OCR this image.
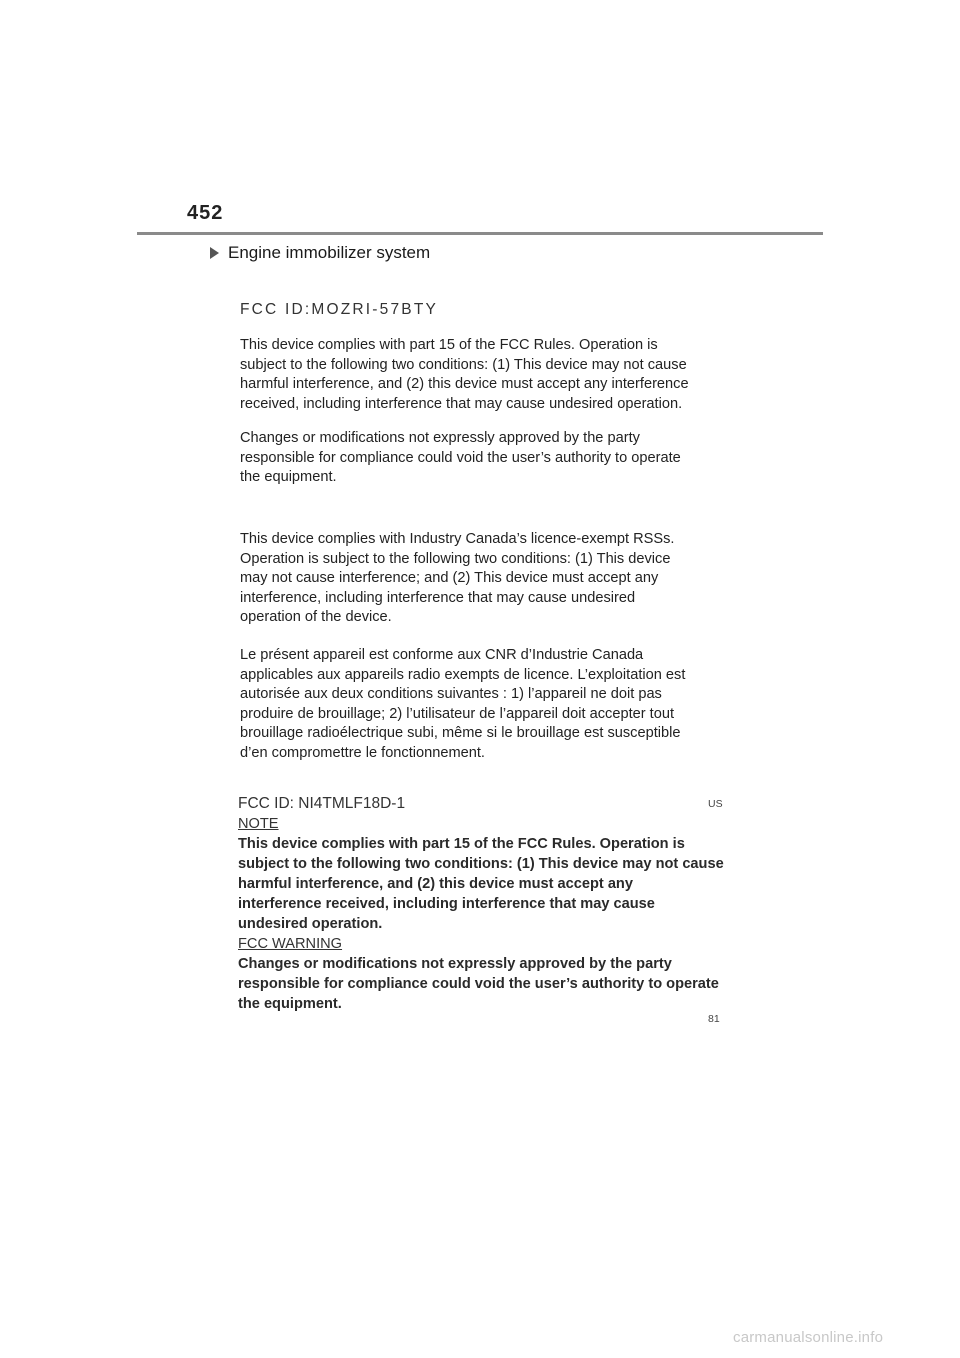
452
Engine immobilizer system
FCC ID:MOZRI-57BTY

This device complies with part 15 of the FCC Rules. Operation is

subject to the following two conditions: (1) This device may not cause

harmful interference, and (2) this device must accept any interference

received, including interference that may cause undesired operation.

Changes or modifications not expressly approved by the party

responsible for compliance could void the user’s authority to operate

the equipment.

This device complies with Industry Canada’s licence-exempt RSSs.

Operation is subject to the following two conditions: (1) This device

may not cause interference; and (2) This device must accept any

interference, including interference that may cause undesired

operation of the device.

Le présent appareil est conforme aux CNR d’Industrie Canada

applicables aux appareils radio exempts de licence. L’exploitation est

autorisée aux deux conditions suivantes : 1) l’appareil ne doit pas

produire de brouillage; 2) l’utilisateur de l’appareil doit accepter tout

brouillage radioélectrique subi, même si le brouillage est susceptible

d’en compromettre le fonctionnement.

FCC ID: NI4TMLF18D-1
NOTE
This device complies with part 15 of the FCC Rules. Operation is
subject to the following two conditions: (1) This device may not cause
harmful interference, and (2) this device must accept any
interference received, including interference that may cause
undesired operation.
FCC WARNING
Changes or modifications not expressly approved by the party
responsible for compliance could void the user’s authority to operate
the equipment.
US
81
carmanualsonline.info
